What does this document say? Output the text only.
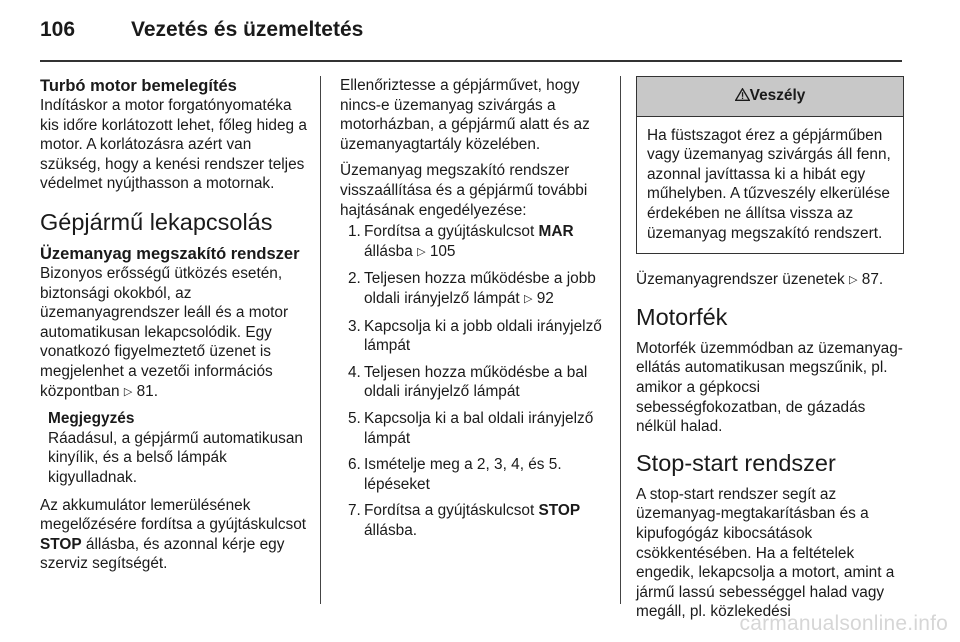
106	Vezetés és üzemeltetés
Turbó motor bemelegítés

Indításkor a motor forgatónyomatéka kis időre korlátozott lehet, főleg hideg a motor. A korlátozásra azért van szükség, hogy a kenési rendszer teljes védelmet nyújthasson a motornak.

Gépjármű lekapcsolás
Üzemanyag megszakító rendszer

Bizonyos erősségű ütközés esetén, biztonsági okokból, az üzemanyagrendszer leáll és a motor automatikusan lekapcsolódik. Egy vonatkozó figyelmeztető üzenet is megjelenhet a vezetői információs központban ▷ 81.

Megjegyzés
Ráadásul, a gépjármű automatikusan kinyílik, és a belső lámpák kigyulladnak.

Az akkumulátor lemerülésének megelőzésére fordítsa a gyújtáskulcsot STOP állásba, és azonnal kérje egy szerviz segítségét.

Ellenőriztesse a gépjárművet, hogy nincs-e üzemanyag szivárgás a motorházban, a gépjármű alatt és az üzemanyagtartály közelében.

Üzemanyag megszakító rendszer visszaállítása és a gépjármű további hajtásának engedélyezése:

1. Fordítsa a gyújtáskulcsot MAR állásba ▷ 105
2. Teljesen hozza működésbe a jobb oldali irányjelző lámpát ▷ 92
3. Kapcsolja ki a jobb oldali irányjelző lámpát
4. Teljesen hozza működésbe a bal oldali irányjelző lámpát
5. Kapcsolja ki a bal oldali irányjelző lámpát
6. Ismételje meg a 2, 3, 4, és 5. lépéseket
7. Fordítsa a gyújtáskulcsot STOP állásba.
Veszély
Ha füstszagot érez a gépjárműben vagy üzemanyag szivárgás áll fenn, azonnal javíttassa ki a hibát egy műhelyben. A tűzveszély elkerülése érdekében ne állítsa vissza az üzemanyag megszakító rendszert.

Üzemanyagrendszer üzenetek ▷ 87.

Motorfék

Motorfék üzemmódban az üzemanyag-ellátás automatikusan megszűnik, pl. amikor a gépkocsi sebességfokozatban, de gázadás nélkül halad.

Stop-start rendszer

A stop-start rendszer segít az üzemanyag-megtakarításban és a kipufogógáz kibocsátások csökkentésében. Ha a feltételek engedik, lekapcsolja a motort, amint a jármű lassú sebességgel halad vagy megáll, pl. közlekedési

carmanualsonline.info
